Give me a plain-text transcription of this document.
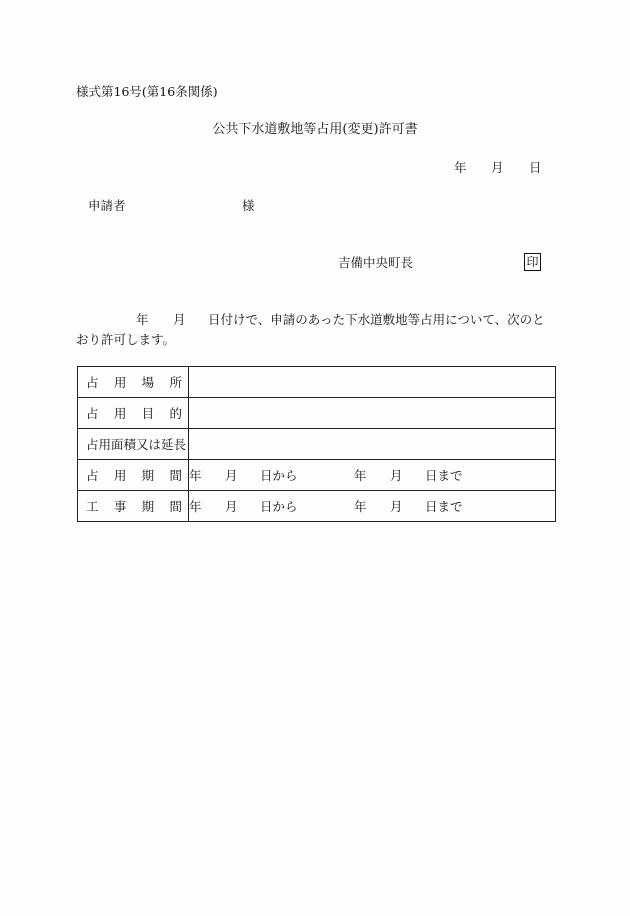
様式第16号(第16条関係)
公共下水道敷地等占用(変更)許可書
年 月 日
申請者	様
吉備中央町長	印
年 月 日付けで、申請のあった下水道敷地等占用について、次のとおり許可します。
占 用 場 所	

占 用 目 的	

占用面積又は延長	

占 用 期 間	年 月 日から 年 月 日まで

工 事 期 間	年 月 日から 年 月 日まで
